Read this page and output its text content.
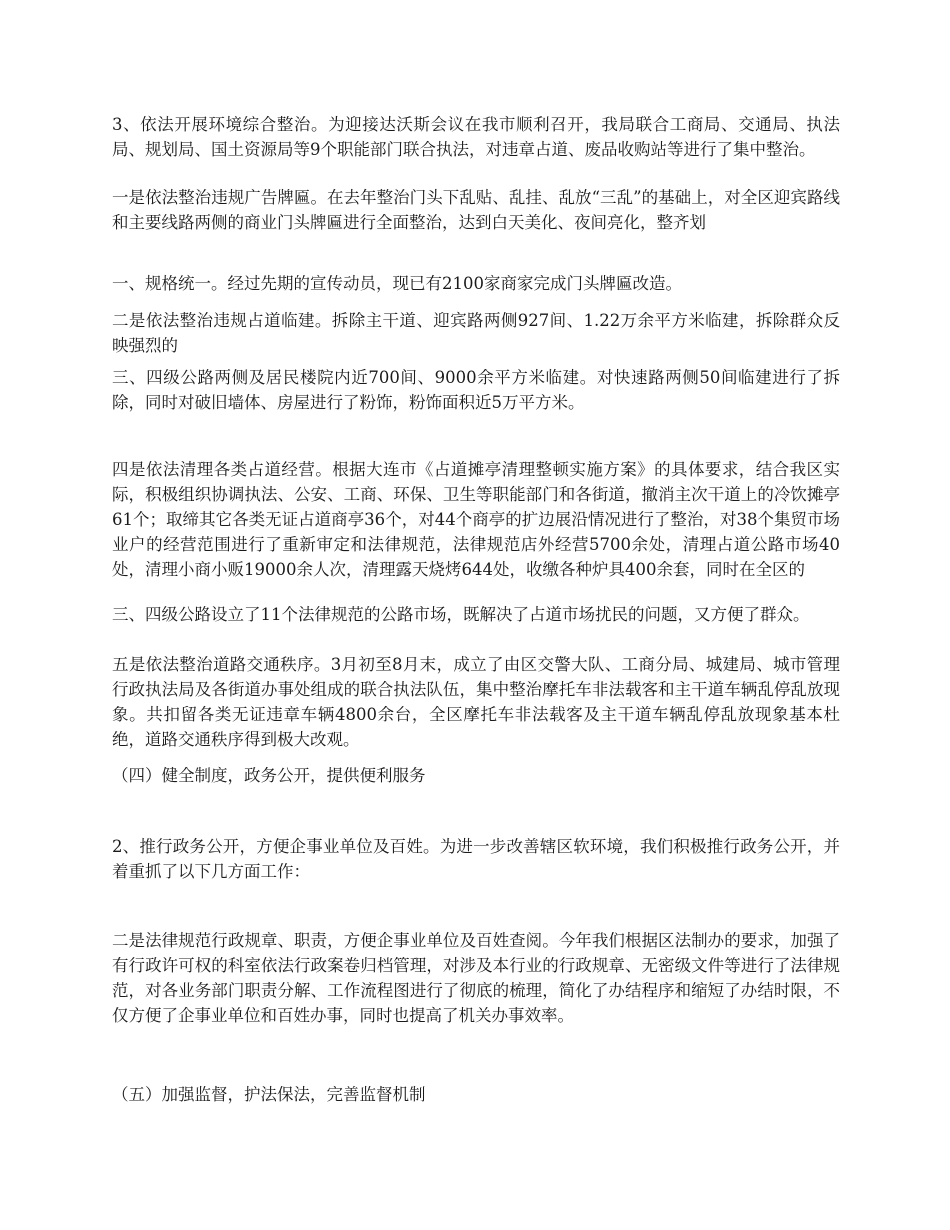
3、依法开展环境综合整治。为迎接达沃斯会议在我市顺利召开，我局联合工商局、交通局、执法局、规划局、国土资源局等9个职能部门联合执法，对违章占道、废品收购站等进行了集中整治。

一是依法整治违规广告牌匾。在去年整治门头下乱贴、乱挂、乱放“三乱”的基础上，对全区迎宾路线和主要线路两侧的商业门头牌匾进行全面整治，达到白天美化、夜间亮化，整齐划

一、规格统一。经过先期的宣传动员，现已有2100家商家完成门头牌匾改造。

二是依法整治违规占道临建。拆除主干道、迎宾路两侧927间、1.22万余平方米临建，拆除群众反映强烈的

三、四级公路两侧及居民楼院内近700间、9000余平方米临建。对快速路两侧50间临建进行了拆除，同时对破旧墙体、房屋进行了粉饰，粉饰面积近5万平方米。

四是依法清理各类占道经营。根据大连市《占道摊亭清理整顿实施方案》的具体要求，结合我区实际，积极组织协调执法、公安、工商、环保、卫生等职能部门和各街道，撤消主次干道上的冷饮摊亭61个；取缔其它各类无证占道商亭36个，对44个商亭的扩边展沿情况进行了整治，对38个集贸市场业户的经营范围进行了重新审定和法律规范，法律规范店外经营5700余处，清理占道公路市场40处，清理小商小贩19000余人次，清理露天烧烤644处，收缴各种炉具400余套，同时在全区的

三、四级公路设立了11个法律规范的公路市场，既解决了占道市场扰民的问题，又方便了群众。

五是依法整治道路交通秩序。3月初至8月末，成立了由区交警大队、工商分局、城建局、城市管理行政执法局及各街道办事处组成的联合执法队伍，集中整治摩托车非法载客和主干道车辆乱停乱放现象。共扣留各类无证违章车辆4800余台，全区摩托车非法载客及主干道车辆乱停乱放现象基本杜绝，道路交通秩序得到极大改观。

（四）健全制度，政务公开，提供便利服务

2、推行政务公开，方便企事业单位及百姓。为进一步改善辖区软环境，我们积极推行政务公开，并着重抓了以下几方面工作：

二是法律规范行政规章、职责，方便企事业单位及百姓查阅。今年我们根据区法制办的要求，加强了有行政许可权的科室依法行政案卷归档管理，对涉及本行业的行政规章、无密级文件等进行了法律规范，对各业务部门职责分解、工作流程图进行了彻底的梳理，简化了办结程序和缩短了办结时限，不仅方便了企事业单位和百姓办事，同时也提高了机关办事效率。

（五）加强监督，护法保法，完善监督机制
